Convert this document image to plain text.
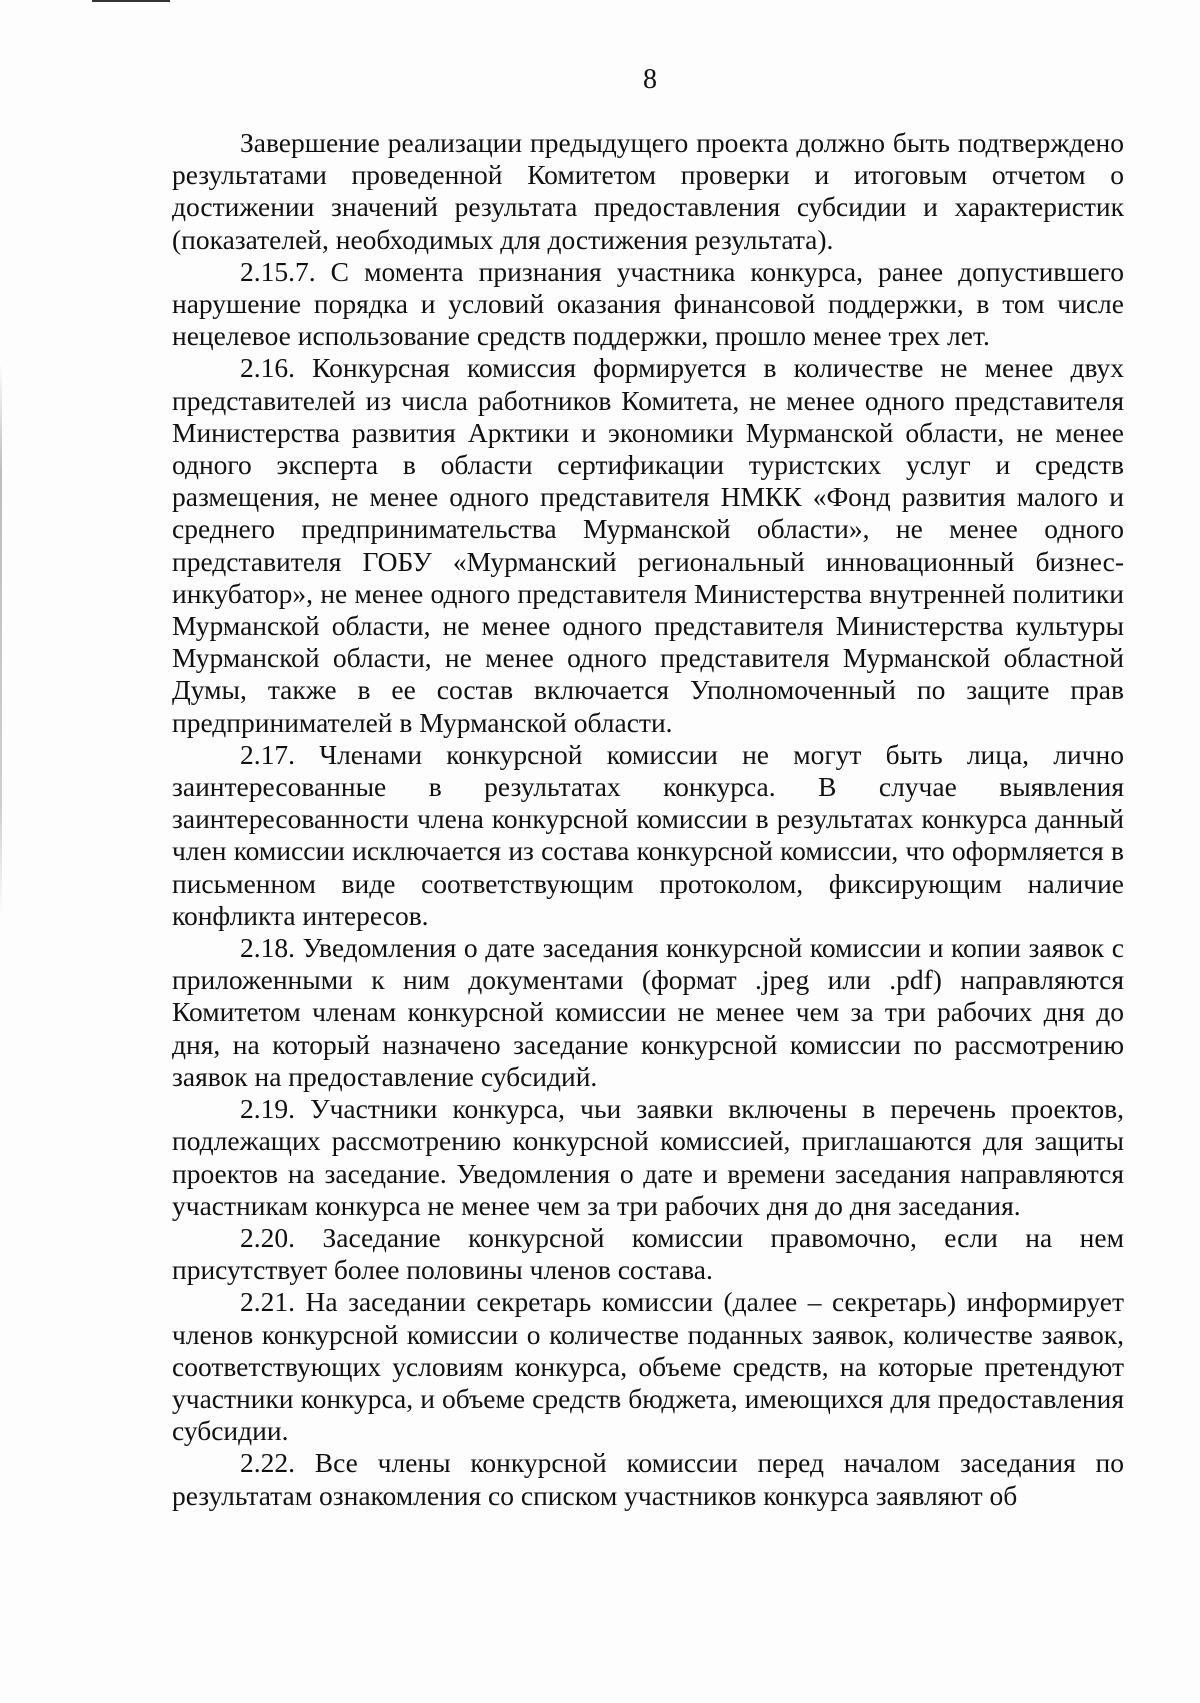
8

Завершение реализации предыдущего проекта должно быть подтверждено результатами проведенной Комитетом проверки и итоговым отчетом о достижении значений результата предоставления субсидии и характеристик (показателей, необходимых для достижения результата).

2.15.7. С момента признания участника конкурса, ранее допустившего нарушение порядка и условий оказания финансовой поддержки, в том числе нецелевое использование средств поддержки, прошло менее трех лет.

2.16. Конкурсная комиссия формируется в количестве не менее двух представителей из числа работников Комитета, не менее одного представителя Министерства развития Арктики и экономики Мурманской области, не менее одного эксперта в области сертификации туристских услуг и средств размещения, не менее одного представителя НМКК «Фонд развития малого и среднего предпринимательства Мурманской области», не менее одного представителя ГОБУ «Мурманский региональный инновационный бизнес-инкубатор», не менее одного представителя Министерства внутренней политики Мурманской области, не менее одного представителя Министерства культуры Мурманской области, не менее одного представителя Мурманской областной Думы, также в ее состав включается Уполномоченный по защите прав предпринимателей в Мурманской области.

2.17. Членами конкурсной комиссии не могут быть лица, лично заинтересованные в результатах конкурса. В случае выявления заинтересованности члена конкурсной комиссии в результатах конкурса данный член комиссии исключается из состава конкурсной комиссии, что оформляется в письменном виде соответствующим протоколом, фиксирующим наличие конфликта интересов.

2.18. Уведомления о дате заседания конкурсной комиссии и копии заявок с приложенными к ним документами (формат .jpeg или .pdf) направляются Комитетом членам конкурсной комиссии не менее чем за три рабочих дня до дня, на который назначено заседание конкурсной комиссии по рассмотрению заявок на предоставление субсидий.

2.19. Участники конкурса, чьи заявки включены в перечень проектов, подлежащих рассмотрению конкурсной комиссией, приглашаются для защиты проектов на заседание. Уведомления о дате и времени заседания направляются участникам конкурса не менее чем за три рабочих дня до дня заседания.

2.20. Заседание конкурсной комиссии правомочно, если на нем присутствует более половины членов состава.

2.21. На заседании секретарь комиссии (далее – секретарь) информирует членов конкурсной комиссии о количестве поданных заявок, количестве заявок, соответствующих условиям конкурса, объеме средств, на которые претендуют участники конкурса, и объеме средств бюджета, имеющихся для предоставления субсидии.

2.22. Все члены конкурсной комиссии перед началом заседания по результатам ознакомления со списком участников конкурса заявляют об
